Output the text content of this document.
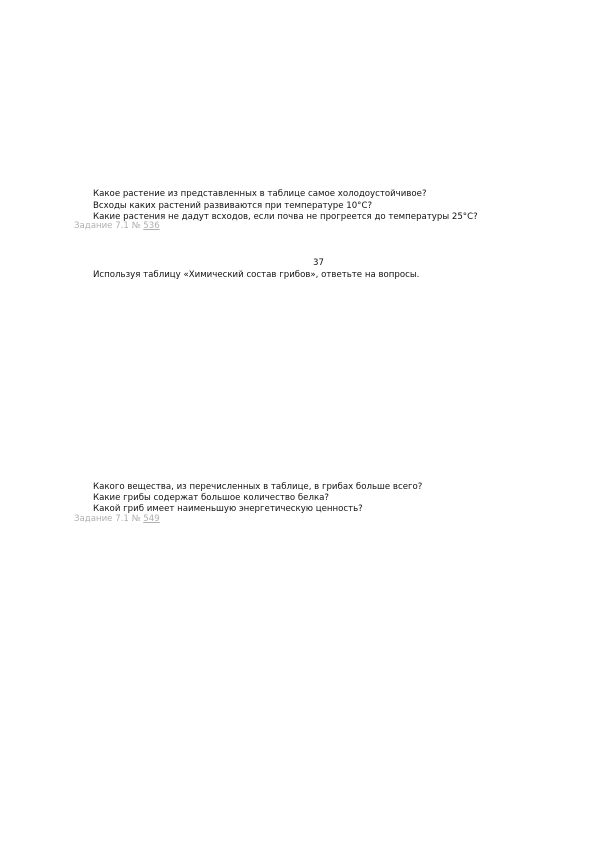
Какое растение из представленных в таблице самое холодоустойчивое?
Всходы каких растений развиваются при температуре 10°С?
Какие растения не дадут всходов, если почва не прогреется до температуры 25°С?
Задание 7.1 № 536
37
Используя таблицу «Химический состав грибов», ответьте на вопросы.
Какого вещества, из перечисленных в таблице, в грибах больше всего?
Какие грибы содержат большое количество белка?
Какой гриб имеет наименьшую энергетическую ценность?
Задание 7.1 № 549
